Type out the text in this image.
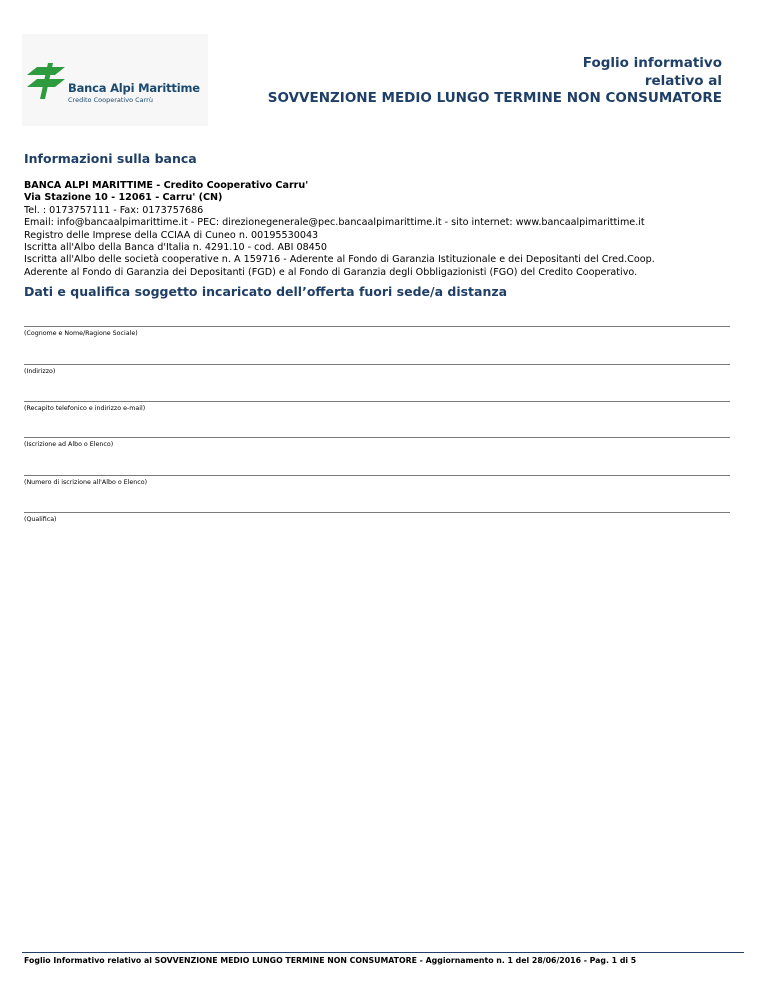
Banca Alpi Marittime
Credito Cooperativo Carrù
Foglio informativo
relativo al
SOVVENZIONE MEDIO LUNGO TERMINE NON CONSUMATORE
Informazioni sulla banca
BANCA ALPI MARITTIME - Credito Cooperativo Carru'
Via Stazione 10 - 12061 - Carru' (CN)
Tel. : 0173757111 - Fax: 0173757686
Email: info@bancaalpimarittime.it - PEC: direzionegenerale@pec.bancaalpimarittime.it - sito internet: www.bancaalpimarittime.it
Registro delle Imprese della CCIAA di Cuneo n. 00195530043
Iscritta all'Albo della Banca d'Italia n. 4291.10 - cod. ABI 08450
Iscritta all'Albo delle società cooperative n. A 159716 - Aderente al Fondo di Garanzia Istituzionale e dei Depositanti del Cred.Coop.
Aderente al Fondo di Garanzia dei Depositanti (FGD) e al Fondo di Garanzia degli Obbligazionisti (FGO) del Credito Cooperativo.
Dati e qualifica soggetto incaricato dell’offerta fuori sede/a distanza
(Cognome e Nome/Ragione Sociale)
(Indirizzo)
(Recapito telefonico e indirizzo e-mail)
(Iscrizione ad Albo o Elenco)
(Numero di iscrizione all'Albo o Elenco)
(Qualifica)
Foglio Informativo relativo al SOVVENZIONE MEDIO LUNGO TERMINE NON CONSUMATORE - Aggiornamento n. 1 del 28/06/2016 - Pag. 1 di 5
